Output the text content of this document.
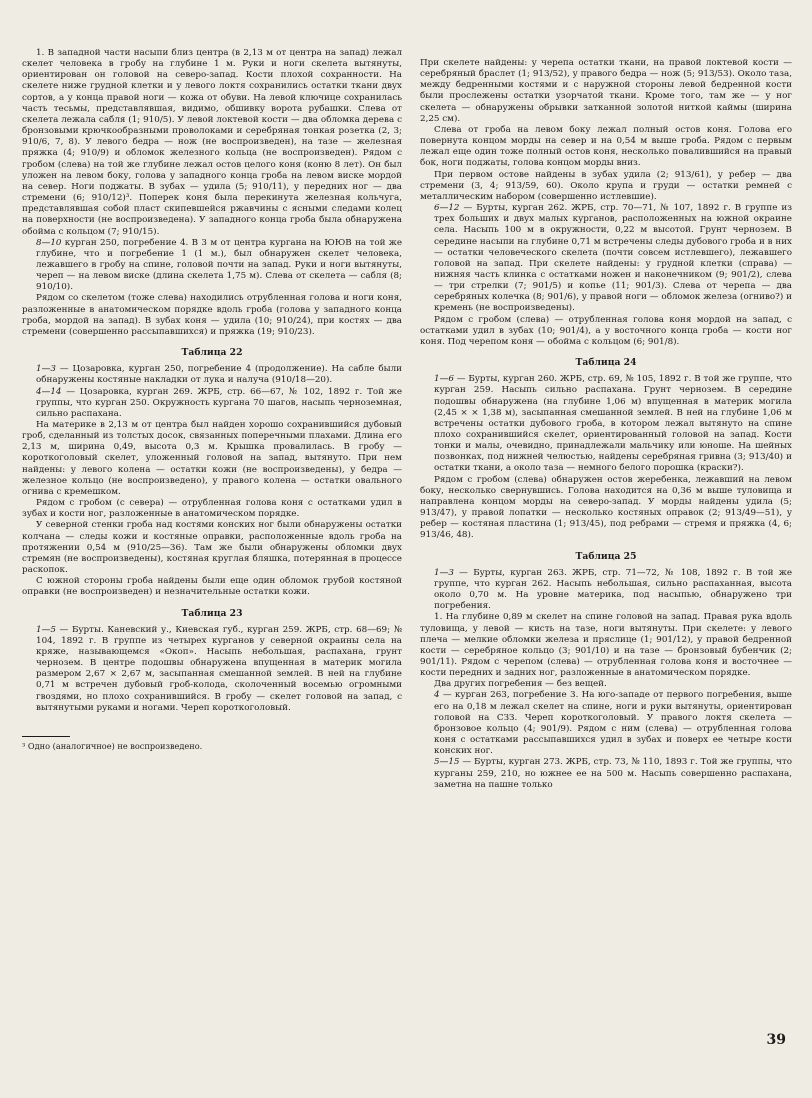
1. В западной части насыпи близ центра (в 2,13 м от центра на запад) лежал скелет человека в гробу на глубине 1 м. Руки и ноги скелета вытянуты, ориентирован он головой на северо-запад. Кости плохой сохранности. На скелете ниже грудной клетки и у левого локтя сохранились остатки ткани двух сортов, а у конца правой ноги — кожа от обуви. На левой ключице сохранилась часть тесьмы, представлявшая, видимо, обшивку ворота рубашки. Слева от скелета лежала сабля (1; 910/5). У левой локтевой кости — два обломка дерева с бронзовыми крючкообразными проволоками и серебряная тонкая розетка (2, 3; 910/6, 7, 8). У левого бедра — нож (не воспроизведен), на тазе — железная пряжка (4; 910/9) и обломок железного кольца (не воспроизведен). Рядом с гробом (слева) на той же глубине лежал остов целого коня (коню 8 лет). Он был уложен на левом боку, голова у западного конца гроба на левом виске мордой на север. Ноги поджаты. В зубах — удила (5; 910/11), у передних ног — два стремени (6; 910/12)³. Поперек коня была перекинута железная кольчуга, представлявшая собой пласт скипевшейся ржавчины с ясными следами колец на поверхности (не воспроизведена). У западного конца гроба была обнаружена обойма с кольцом (7; 910/15).

8—10 курган 250, погребение 4. В 3 м от центра кургана на ЮЮВ на той же глубине, что и погребение 1 (1 м.), был обнаружен скелет человека, лежавшего в гробу на спине, головой почти на запад. Руки и ноги вытянуты, череп — на левом виске (длина скелета 1,75 м). Слева от скелета — сабля (8; 910/10).

Рядом со скелетом (тоже слева) находились отрубленная голова и ноги коня, разложенные в анатомическом порядке вдоль гроба (голова у западного конца гроба, мордой на запад). В зубах коня — удила (10; 910/24), при костях — два стремени (совершенно рассыпавшихся) и пряжка (19; 910/23).

Таблица 22

1—3 — Цозаровка, курган 250, погребение 4 (продолжение). На сабле были обнаружены костяные накладки от лука и налуча (910/18—20).

4—14 — Цозаровка, курган 269. ЖРБ, стр. 66—67, № 102, 1892 г. Той же группы, что курган 250. Окружность кургана 70 шагов, насыпь черноземная, сильно распахана.

На материке в 2,13 м от центра был найден хорошо сохранившийся дубовый гроб, сделанный из толстых досок, связанных поперечными плахами. Длина его 2,13 м, ширина 0,49, высота 0,3 м. Крышка провалилась. В гробу — короткоголовый скелет, уложенный головой на запад, вытянуто. При нем найдены: у левого колена — остатки кожи (не воспроизведены), у бедра — железное кольцо (не воспроизведено), у правого колена — остатки овального огнива с кремешком.

Рядом с гробом (с севера) — отрубленная голова коня с остатками удил в зубах и кости ног, разложенные в анатомическом порядке.

У северной стенки гроба над костями конских ног были обнаружены остатки колчана — следы кожи и костяные оправки, расположенные вдоль гроба на протяжении 0,54 м (910/25—36). Там же были обнаружены обломки двух стремян (не воспроизведены), костяная круглая бляшка, потерянная в процессе раскопок.

С южной стороны гроба найдены были еще один обломок грубой костяной оправки (не воспроизведен) и незначительные остатки кожи.

Таблица 23

1—5 — Бурты. Каневский у., Киевская губ., курган 259. ЖРБ, стр. 68—69; № 104, 1892 г. В группе из четырех курганов у северной окраины села на кряже, называющемся «Окоп». Насыпь небольшая, распахана, грунт чернозем. В центре подошвы обнаружена впущенная в материк могила размером 2,67 × 2,67 м, засыпанная смешанной землей. В ней на глубине 0,71 м встречен дубовый гроб-колода, сколоченный восемью огромными гвоздями, но плохо сохранившийся. В гробу — скелет головой на запад, с вытянутыми руками и ногами. Череп короткоголовый.

³ Одно (аналогичное) не воспроизведено.

При скелете найдены: у черепа остатки ткани, на правой локтевой кости — серебряный браслет (1; 913/52), у правого бедра — нож (5; 913/53). Около таза, между бедренными костями и с наружной стороны левой бедренной кости были прослежены остатки узорчатой ткани. Кроме того, там же — у ног скелета — обнаружены обрывки затканной золотой ниткой каймы (ширина 2,25 см).

Слева от гроба на левом боку лежал полный остов коня. Голова его повернута концом морды на север и на 0,54 м выше гроба. Рядом с первым лежал еще один тоже полный остов коня, несколько повалившийся на правый бок, ноги поджаты, голова концом морды вниз.

При первом остове найдены в зубах удила (2; 913/61), у ребер — два стремени (3, 4; 913/59, 60). Около крупа и груди — остатки ремней с металлическим набором (совершенно истлевшие).

6—12 — Бурты, курган 262. ЖРБ, стр. 70—71, № 107, 1892 г. В группе из трех больших и двух малых курганов, расположенных на южной окраине села. Насыпь 100 м в окружности, 0,22 м высотой. Грунт чернозем. В середине насыпи на глубине 0,71 м встречены следы дубового гроба и в них — остатки человеческого скелета (почти совсем истлевшего), лежавшего головой на запад. При скелете найдены: у грудной клетки (справа) — нижняя часть клинка с остатками ножен и наконечником (9; 901/2), слева — три стрелки (7; 901/5) и копье (11; 901/3). Слева от черепа — два серебряных колечка (8; 901/6), у правой ноги — обломок железа (огниво?) и кремень (не воспроизведены).

Рядом с гробом (слева) — отрубленная голова коня мордой на запад, с остатками удил в зубах (10; 901/4), а у восточного конца гроба — кости ног коня. Под черепом коня — обойма с кольцом (6; 901/8).

Таблица 24

1—6 — Бурты, курган 260. ЖРБ, стр. 69, № 105, 1892 г. В той же группе, что курган 259. Насыпь сильно распахана. Грунт чернозем. В середине подошвы обнаружена (на глубине 1,06 м) впущенная в материк могила (2,45 × × 1,38 м), засыпанная смешанной землей. В ней на глубине 1,06 м встречены остатки дубового гроба, в котором лежал вытянуто на спине плохо сохранившийся скелет, ориентированный головой на запад. Кости тонки и малы, очевидно, принадлежали мальчику или юноше. На шейных позвонках, под нижней челюстью, найдены серебряная гривна (3; 913/40) и остатки ткани, а около таза — немного белого порошка (краски?).

Рядом с гробом (слева) обнаружен остов жеребенка, лежавший на левом боку, несколько свернувшись. Голова находится на 0,36 м выше туловища и направлена концом морды на северо-запад. У морды найдены удила (5; 913/47), у правой лопатки — несколько костяных оправок (2; 913/49—51), у ребер — костяная пластина (1; 913/45), под ребрами — стремя и пряжка (4, 6; 913/46, 48).

Таблица 25

1—3 — Бурты, курган 263. ЖРБ, стр. 71—72, № 108, 1892 г. В той же группе, что курган 262. Насыпь небольшая, сильно распаханная, высота около 0,70 м. На уровне материка, под насыпью, обнаружено три погребения.

1. На глубине 0,89 м скелет на спине головой на запад. Правая рука вдоль туловища, у левой — кисть на тазе, ноги вытянуты. При скелете: у левого плеча — мелкие обломки железа и пряслице (1; 901/12), у правой бедренной кости — серебряное кольцо (3; 901/10) и на тазе — бронзовый бубенчик (2; 901/11). Рядом с черепом (слева) — отрубленная голова коня и восточнее — кости передних и задних ног, разложенные в анатомическом порядке.

Два других погребения — без вещей.

4 — курган 263, погребение 3. На юго-западе от первого погребения, выше его на 0,18 м лежал скелет на спине, ноги и руки вытянуты, ориентирован головой на СЗЗ. Череп короткоголовый. У правого локтя скелета — бронзовое кольцо (4; 901/9). Рядом с ним (слева) — отрубленная голова коня с остатками рассыпавшихся удил в зубах и поверх ее четыре кости конских ног.

5—15 — Бурты, курган 273. ЖРБ, стр. 73, № 110, 1893 г. Той же группы, что курганы 259, 210, но южнее ее на 500 м. Насыпь совершенно распахана, заметна на пашне только

39
